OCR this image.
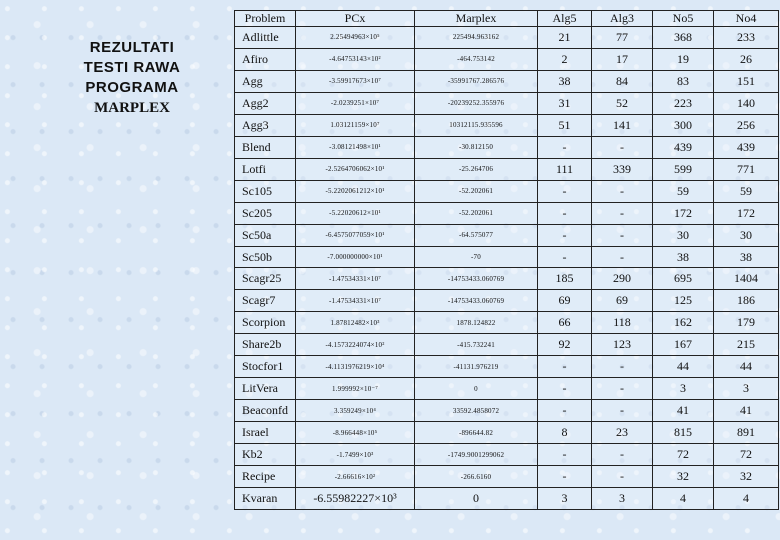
REZULTATI
TESTI RAWA
PROGRAMA
MARPLEX
Problem	PCx	Marplex	Alg5	Alg3	No5	No4
Adlittle	2.25494963×10⁵	225494.963162	21	77	368	233
Afiro	-4.64753143×10²	-464.753142	2	17	19	26
Agg	-3.59917673×10⁷	-35991767.286576	38	84	83	151
Agg2	-2.0239251×10⁷	-20239252.355976	31	52	223	140
Agg3	1.03121159×10⁷	10312115.935596	51	141	300	256
Blend	-3.08121498×10¹	-30.812150	-	-	439	439
Lotfi	-2.5264706062×10¹	-25.264706	111	339	599	771
Sc105	-5.2202061212×10¹	-52.202061	-	-	59	59
Sc205	-5.22020612×10¹	-52.202061	-	-	172	172
Sc50a	-6.4575077059×10¹	-64.575077	-	-	30	30
Sc50b	-7.000000000×10¹	-70	-	-	38	38
Scagr25	-1.47534331×10⁷	-14753433.060769	185	290	695	1404
Scagr7	-1.47534331×10⁷	-14753433.060769	69	69	125	186
Scorpion	1.87812482×10³	1878.124822	66	118	162	179
Share2b	-4.1573224074×10²	-415.732241	92	123	167	215
Stocfor1	-4.1131976219×10⁴	-41131.976219	-	-	44	44
LitVera	1.999992×10⁻⁷	0	-	-	3	3
Beaconfd	3.359249×10⁴	33592.4858072	-	-	41	41
Israel	-8.966448×10⁵	-896644.82	8	23	815	891
Kb2	-1.7499×10³	-1749.9001299062	-	-	72	72
Recipe	-2.66616×10²	-266.6160	-	-	32	32
Kvaran	-6.55982227×10³	0	3	3	4	4
